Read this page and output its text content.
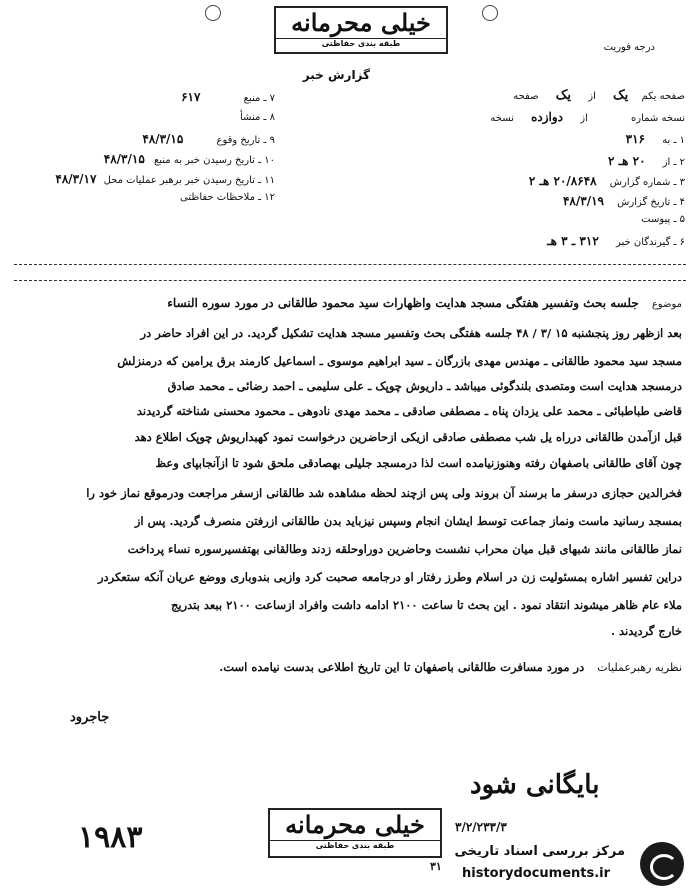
خیلی محرمانه
طبقه بندی حفاظتی	درجه فوریت
گزارش خبر
۷ ـ منبع ۶۱۷
۸ ـ منشأ
۹ ـ تاریخ وقوع ۴۸/۳/۱۵
۱۰ ـ تاریخ رسیدن خبر به منبع ۴۸/۳/۱۵
۱۱ ـ تاریخ رسیدن خبر برهبر عملیات محل ۴۸/۳/۱۷
۱۲ ـ ملاحظات حفاظتی
صفحه یکم یک از یک صفحه
نسخه شماره از دوازده نسخه
۱ ـ به ۳۱۶
۲ ـ از ۲۰ هـ ۲
۳ ـ شماره گزارش ۲۰/۸۶۴۸ هـ ۲
۴ ـ تاریخ گزارش ۴۸/۳/۱۹
۵ ـ پیوست
۶ ـ گیرندگان خبر ۳۱۲ ـ ۳ هـ
موضوع جلسه بحث وتفسیر هفتگی مسجد هدایت واظهارات سید محمود طالقانی در مورد سوره النساء
بعد ازظهر روز پنجشنبه ۱۵ /۳ / ۴۸ جلسه هفتگی بحث وتفسیر مسجد هدایت تشکیل گردید. در این افراد حاضر در
مسجد سید محمود طالقانی ـ مهندس مهدی بازرگان ـ سید ابراهیم موسوی ـ اسماعیل کارمند برق یرامین که درمنزلش
درمسجد هدایت است ومتصدی بلندگوئی میباشد ـ داریوش چوپک ـ علی سلیمی ـ احمد رضائی ـ محمد صادق
قاضی طباطبائی ـ محمد علی یزدان پناه ـ مصطفی صادقی ـ محمد مهدی نادوهی ـ محمود محسنی شناخته گردیدند
قبل ازآمدن طالقانی درراه یل شب مصطفی صادقی ازیکی ازحاضرین درخواست نمود کهبداریوش چوپک اطلاع دهد
چون آقای طالقانی باصفهان رفته وهنوزنیامده است لذا درمسجد جلیلی بهصادقی ملحق شود تا ازآنجابپای وعظ
فخرالدین حجازی درسفر ما برسند آن بروند ولی پس ازچند لحظه مشاهده شد طالقانی ازسفر مراجعت ودرموقع نماز خود را
بمسجد رسانید ماست ونماز جماعت توسط ایشان انجام وسپس نیزباید بدن طالقانی ازرفتن منصرف گردید. پس از
نماز طالقانی مانند شبهای قبل میان محراب نشست وحاضرین دوراوحلقه زدند وطالقانی بهتفسیرسوره نساء پرداخت
دراین تفسیر اشاره بمسئولیت زن در اسلام وطرز رفتار او درجامعه صحبت کرد وازبی بندوباری ووضع عریان آنکه ستعکردر
ملاء عام ظاهر میشوند انتقاد نمود . این بحث تا ساعت ۲۱۰۰ ادامه داشت وافراد ازساعت ۲۱۰۰ ببعد بتدریج
خارج گردیدند .
نظریه رهبرعملیات در مورد مسافرت طالقانی باصفهان تا این تاریخ اطلاعی بدست نیامده است.
جاجرود
بایگانی شود
۱۹۸۳	خیلی محرمانه
طبقه بندی حفاظتی
۳/۲/۲۳۳/۳
۳۱
مرکز بررسی اسناد تاریخی
historydocuments.ir
